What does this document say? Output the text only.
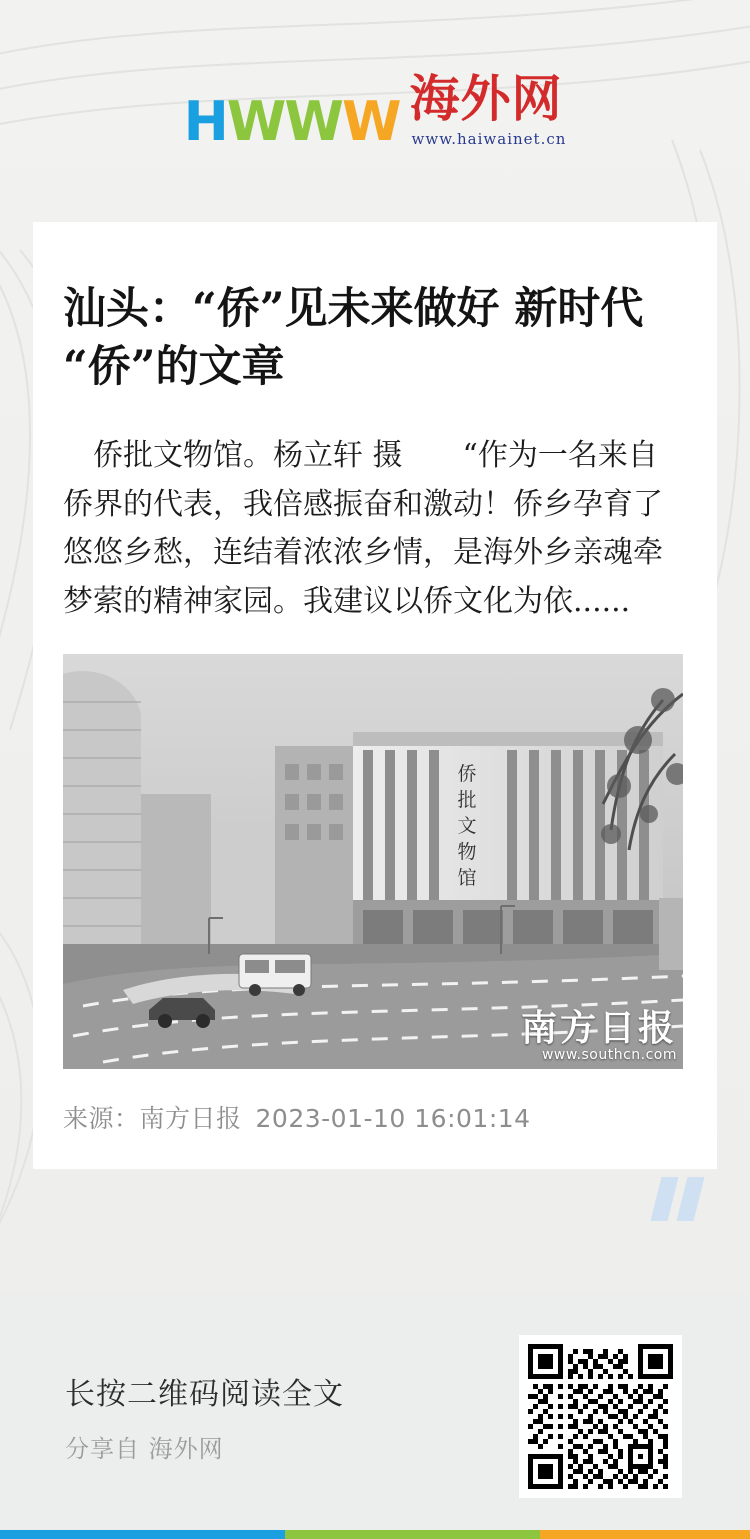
H W W W 海外网
www.haiwainet.cn
汕头：“侨”见未来做好 新时代“侨”的文章

　侨批文物馆。杨立轩 摄　　“作为一名来自侨界的代表，我倍感振奋和激动！侨乡孕育了悠悠乡愁，连结着浓浓乡情，是海外乡亲魂牵梦萦的精神家园。我建议以侨文化为依......

侨
批
文
物
馆
南方日报
www.southcn.com
来源：南方日报 2023-01-10 16:01:14
长按二维码阅读全文
分享自 海外网
